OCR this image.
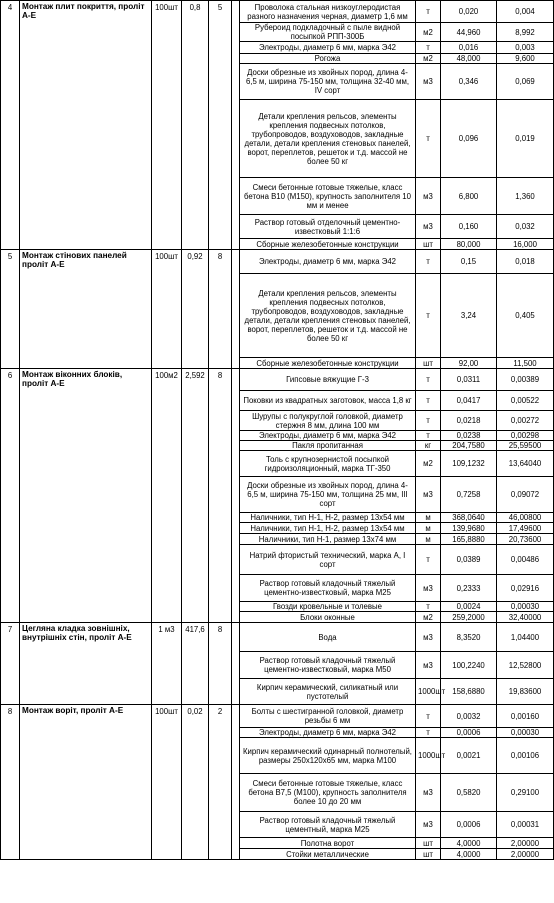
4	Монтаж плит покриття, проліт А-Е	100шт	0,8	5		Проволока стальная низкоуглеродистая разного назначения черная, диаметр 1,6 мм	т	0,020	0,004
						Рубероид подкладочный с пыле видной посыпкой РПП-300Б	м2	44,960	8,992
						Электроды, диаметр 6 мм, марка Э42	т	0,016	0,003
						Рогожа	м2	48,000	9,600
						Доски обрезные из хвойных пород, длина 4-6,5 м, ширина 75-150 мм, толщина 32-40 мм, IV сорт	м3	0,346	0,069
						Детали крепления рельсов, элементы крепления подвесных потолков, трубопроводов, воздуховодов, закладные детали, детали крепления стеновых панелей, ворот, переплетов, решеток и т.д. массой не более 50 кг	т	0,096	0,019
						Смеси бетонные готовые тяжелые, класс бетона В10 (М150), крупность заполнителя 10 мм и менее	м3	6,800	1,360
						Раствор готовый отделочный цементно-известковый 1:1:6	м3	0,160	0,032
						Сборные железобетонные конструкции	шт	80,000	16,000
5	Монтаж стінових панелей проліт А-Е	100шт	0,92	8		Электроды, диаметр 6 мм, марка Э42	т	0,15	0,018
						Детали крепления рельсов, элементы крепления подвесных потолков, трубопроводов, воздуховодов, закладные детали, детали крепления стеновых панелей, ворот, переплетов, решеток и т.д. массой не более 50 кг	т	3,24	0,405
						Сборные железобетонные конструкции	шт	92,00	11,500
6	Монтаж віконних блоків, проліт А-Е	100м2	2,592	8		Гипсовые вяжущие Г-3	т	0,0311	0,00389
						Поковки из квадратных заготовок, масса 1,8 кг	т	0,0417	0,00522
						Шурупы с полукруглой головкой, диаметр стержня 8 мм, длина 100 мм	т	0,0218	0,00272
						Электроды, диаметр 6 мм, марка Э42	т	0,0238	0,00298
						Пакля пропитанная	кг	204,7580	25,59500
						Толь с крупнозернистой посыпкой гидроизоляционный, марка ТГ-350	м2	109,1232	13,64040
						Доски обрезные из хвойных пород, длина 4-6,5 м, ширина 75-150 мм, толщина 25 мм, III сорт	м3	0,7258	0,09072
						Наличники, тип Н-1, Н-2, размер 13х54 мм	м	368,0640	46,00800
						Наличники, тип Н-1, Н-2, размер 13х54 мм	м	139,9680	17,49600
						Наличники, тип Н-1, размер 13х74 мм	м	165,8880	20,73600
						Натрий фтористый технический, марка А, I сорт	т	0,0389	0,00486
						Раствор готовый кладочный тяжелый цементно-известковый, марка М25	м3	0,2333	0,02916
						Гвозди кровельные и толевые	т	0,0024	0,00030
						Блоки оконные	м2	259,2000	32,40000
7	Цегляна кладка зовнішніх, внутрішніх стін, проліт А-Е	1 м3	417,6	8		Вода	м3	8,3520	1,04400
						Раствор готовый кладочный тяжелый цементно-известковый, марка М50	м3	100,2240	12,52800
						Кирпич керамический, силикатный или пустотелый	1000шт	158,6880	19,83600
8	Монтаж воріт, проліт А-Е	100шт	0,02	2		Болты с шестигранной головкой, диаметр резьбы 6 мм	т	0,0032	0,00160
						Электроды, диаметр 6 мм, марка Э42	т	0,0006	0,00030
						Кирпич керамический одинарный полнотелый, размеры 250х120х65 мм, марка М100	1000шт	0,0021	0,00106
						Смеси бетонные готовые тяжелые, класс бетона В7,5 (М100), крупность заполнителя более 10 до 20 мм	м3	0,5820	0,29100
						Раствор готовый кладочный тяжелый цементный, марка М25	м3	0,0006	0,00031
						Полотна ворот	шт	4,0000	2,00000
						Стойки металлические	шт	4,0000	2,00000
